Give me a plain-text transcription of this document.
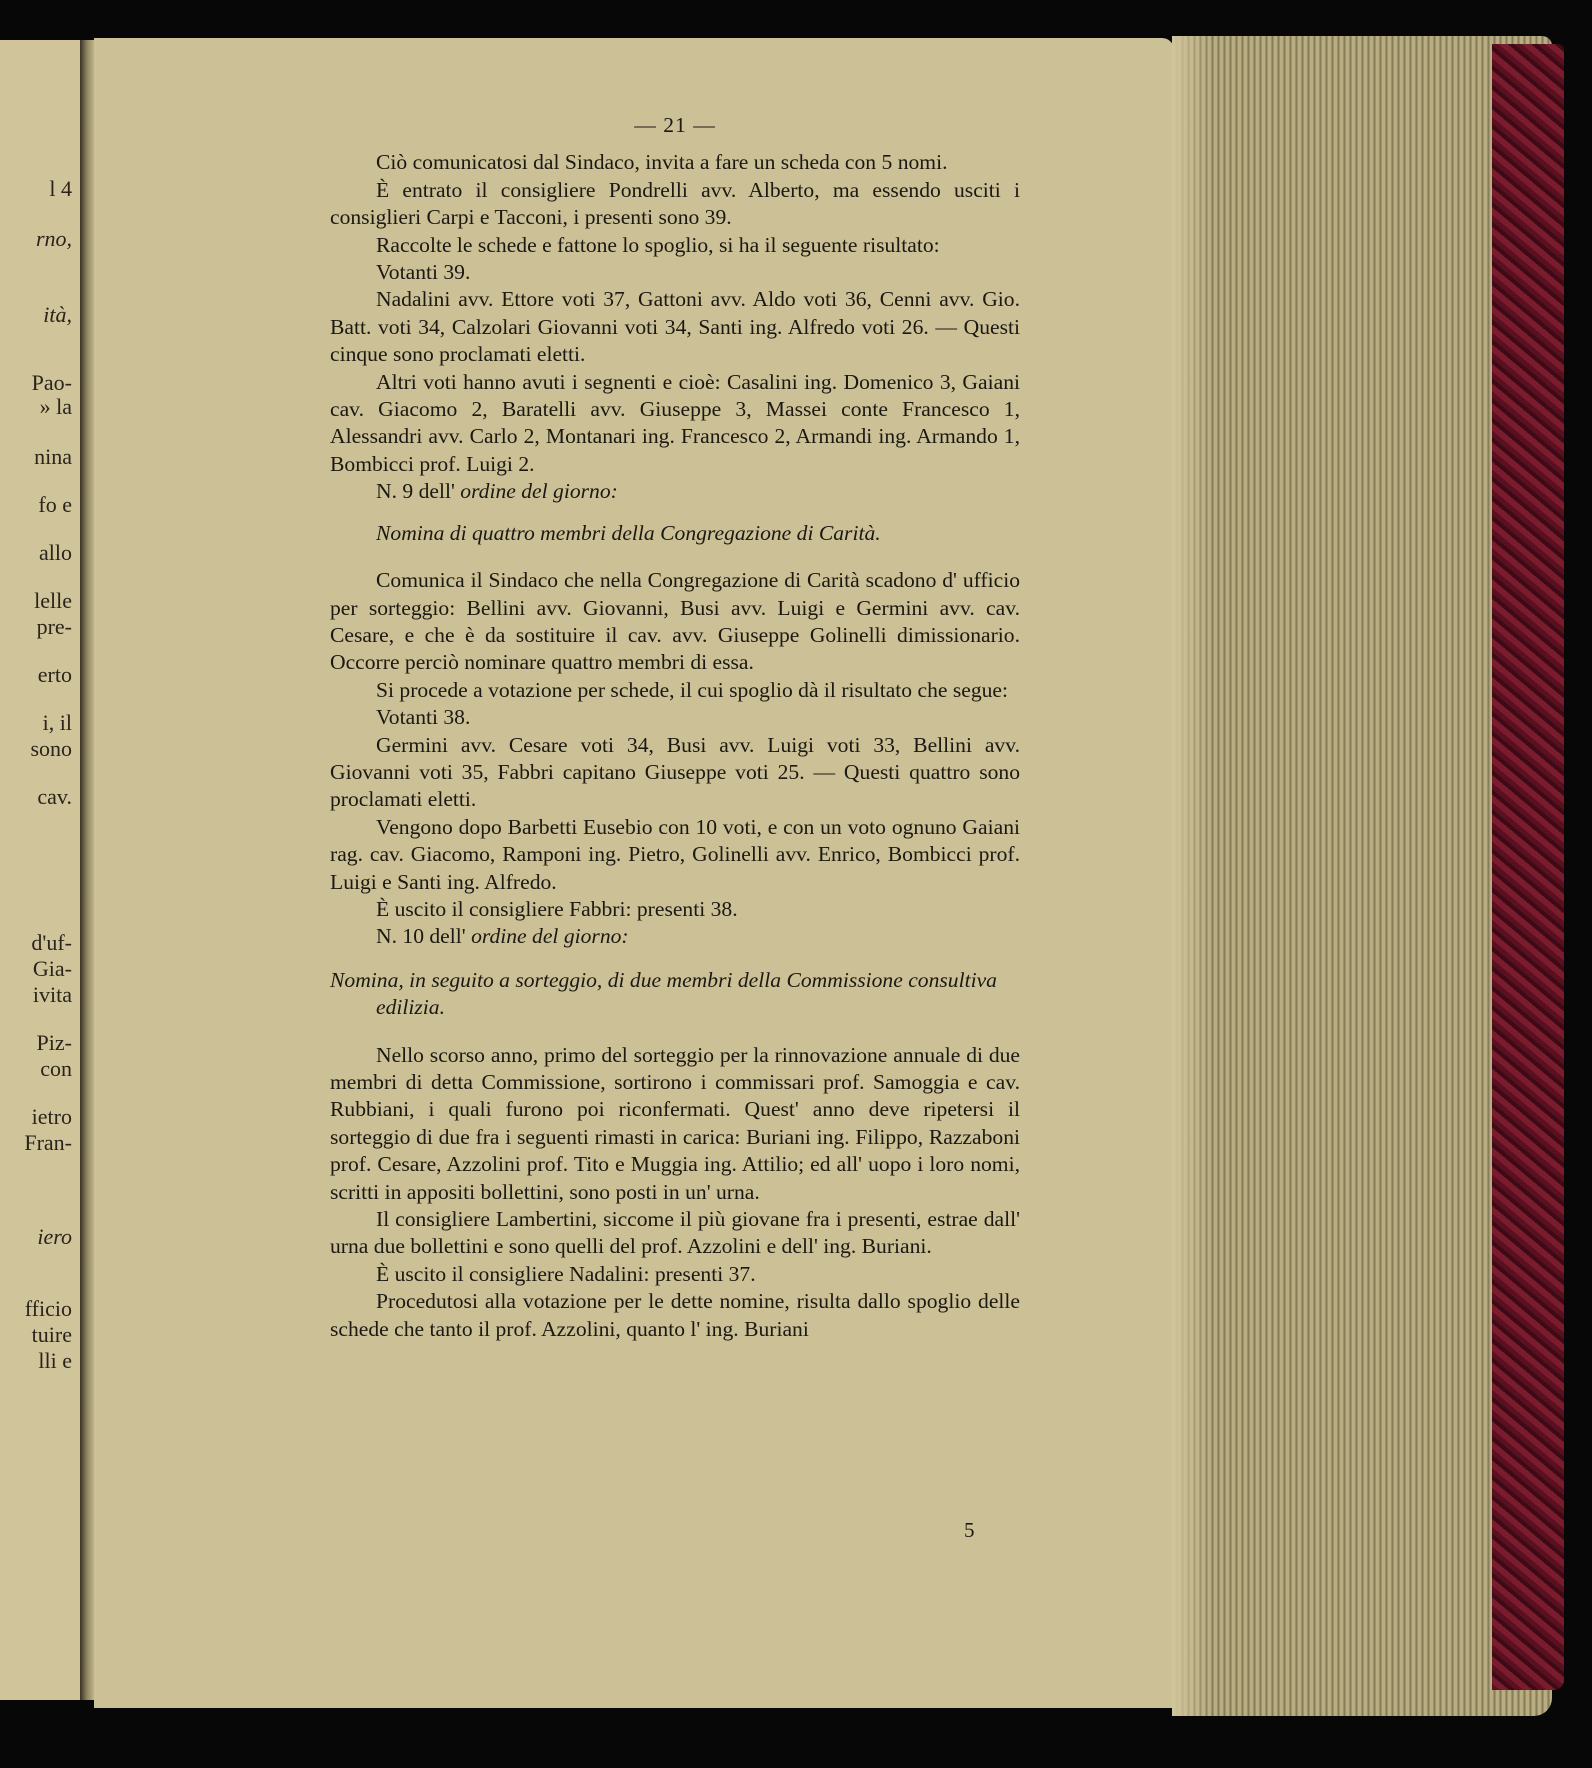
l 4
rno,
ità,
Pao-
» la
nina
fo e
allo
lelle
pre-
erto
i, il
sono
cav.
d'uf-
Gia-
ivita
Piz-
con
ietro
Fran-
iero
fficio
tuire
lli e
— 21 —

Ciò comunicatosi dal Sindaco, invita a fare un scheda con 5 nomi.

È entrato il consigliere Pondrelli avv. Alberto, ma essendo usciti i consiglieri Carpi e Tacconi, i presenti sono 39.

Raccolte le schede e fattone lo spoglio, si ha il seguente risultato:

Votanti 39.

Nadalini avv. Ettore voti 37, Gattoni avv. Aldo voti 36, Cenni avv. Gio. Batt. voti 34, Calzolari Giovanni voti 34, Santi ing. Alfredo voti 26. — Questi cinque sono proclamati eletti.

Altri voti hanno avuti i segnenti e cioè: Casalini ing. Domenico 3, Gaiani cav. Giacomo 2, Baratelli avv. Giuseppe 3, Massei conte Francesco 1, Alessandri avv. Carlo 2, Montanari ing. Francesco 2, Armandi ing. Armando 1, Bombicci prof. Luigi 2.

N. 9 dell' ordine del giorno:

Nomina di quattro membri della Congregazione di Carità.

Comunica il Sindaco che nella Congregazione di Carità scadono d' ufficio per sorteggio: Bellini avv. Giovanni, Busi avv. Luigi e Germini avv. cav. Cesare, e che è da sostituire il cav. avv. Giuseppe Golinelli dimissionario. Occorre perciò nominare quattro membri di essa.

Si procede a votazione per schede, il cui spoglio dà il risultato che segue:

Votanti 38.

Germini avv. Cesare voti 34, Busi avv. Luigi voti 33, Bellini avv. Giovanni voti 35, Fabbri capitano Giuseppe voti 25. — Questi quattro sono proclamati eletti.

Vengono dopo Barbetti Eusebio con 10 voti, e con un voto ognuno Gaiani rag. cav. Giacomo, Ramponi ing. Pietro, Golinelli avv. Enrico, Bombicci prof. Luigi e Santi ing. Alfredo.

È uscito il consigliere Fabbri: presenti 38.

N. 10 dell' ordine del giorno:

Nomina, in seguito a sorteggio, di due membri della Commissione consultiva edilizia.

Nello scorso anno, primo del sorteggio per la rinnovazione annuale di due membri di detta Commissione, sortirono i commissari prof. Samoggia e cav. Rubbiani, i quali furono poi riconfermati. Quest' anno deve ripetersi il sorteggio di due fra i seguenti rimasti in carica: Buriani ing. Filippo, Razzaboni prof. Cesare, Azzolini prof. Tito e Muggia ing. Attilio; ed all' uopo i loro nomi, scritti in appositi bollettini, sono posti in un' urna.

Il consigliere Lambertini, siccome il più giovane fra i presenti, estrae dall' urna due bollettini e sono quelli del prof. Azzolini e dell' ing. Buriani.

È uscito il consigliere Nadalini: presenti 37.

Procedutosi alla votazione per le dette nomine, risulta dallo spoglio delle schede che tanto il prof. Azzolini, quanto l' ing. Buriani

5
